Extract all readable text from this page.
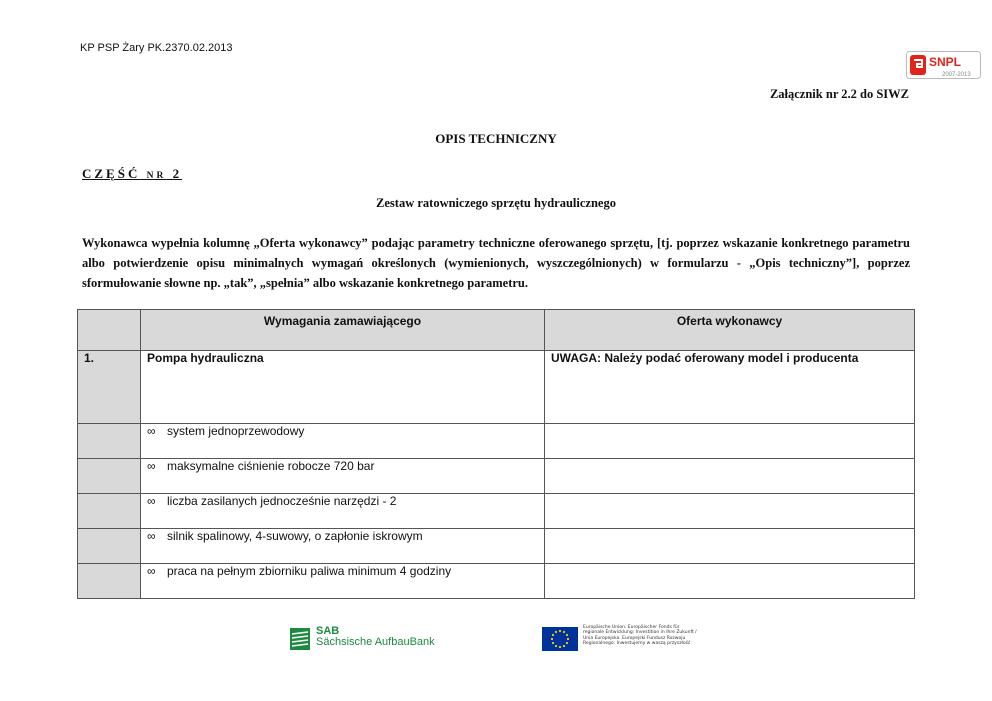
KP PSP Żary PK.2370.02.2013
SNPL
2007-2013
Załącznik nr 2.2 do SIWZ
OPIS TECHNICZNY
CZĘŚĆ NR 2
Zestaw ratowniczego sprzętu hydraulicznego
Wykonawca wypełnia kolumnę „Oferta wykonawcy” podając parametry techniczne oferowanego sprzętu, [tj. poprzez wskazanie konkretnego parametru albo potwierdzenie opisu minimalnych wymagań określonych (wymienionych, wyszczególnionych) w formularzu - „Opis techniczny”], poprzez sformułowanie słowne np. „tak”, „spełnia” albo wskazanie konkretnego parametru.
	Wymagania zamawiającego	Oferta wykonawcy
1.	Pompa hydrauliczna	UWAGA: Należy podać oferowany model i producenta
	∞ system jednoprzewodowy	
	∞ maksymalne ciśnienie robocze 720 bar	
	∞ liczba zasilanych jednocześnie narzędzi - 2	
	∞ silnik spalinowy, 4-suwowy, o zapłonie iskrowym	
	∞ praca na pełnym zbiorniku paliwa minimum 4 godziny	
SAB
Sächsische AufbauBank
Europäische Union. Europäischer Fonds für
regionale Entwicklung: Investition in Ihre Zukunft /
Unia Europejska. Europejski Fundusz Rozwoju
Regionalnego: Inwestujemy w waszą przyszłość
